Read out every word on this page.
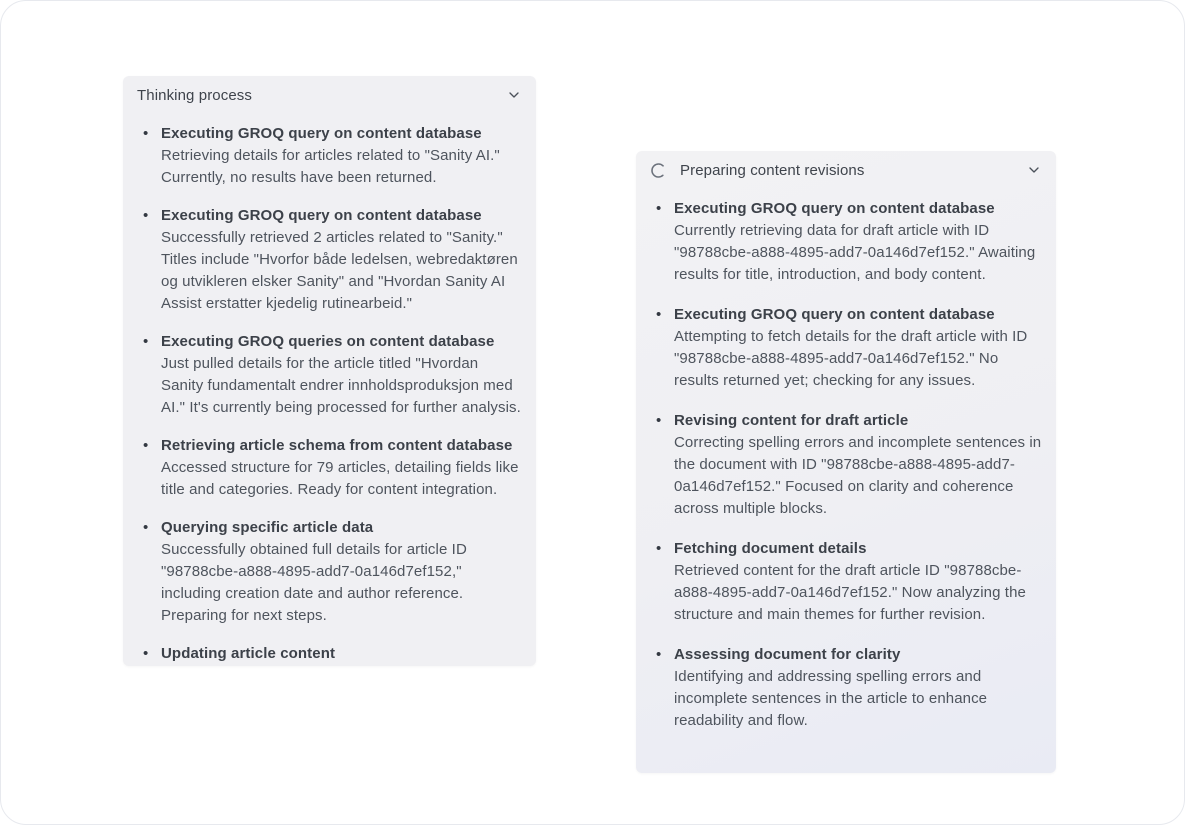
Thinking process
• Executing GROQ query on content database
Retrieving details for articles related to "Sanity AI." Currently, no results have been returned.
• Executing GROQ query on content database
Successfully retrieved 2 articles related to "Sanity." Titles include "Hvorfor både ledelsen, webredaktøren og utvikleren elsker Sanity" and "Hvordan Sanity AI Assist erstatter kjedelig rutinearbeid."
• Executing GROQ queries on content database
Just pulled details for the article titled "Hvordan Sanity fundamentalt endrer innholdsproduksjon med AI." It's currently being processed for further analysis.
• Retrieving article schema from content database
Accessed structure for 79 articles, detailing fields like title and categories. Ready for content integration.
• Querying specific article data
Successfully obtained full details for article ID "98788cbe-a888-4895-add7-0a146d7ef152," including creation date and author reference. Preparing for next steps.
• Updating article content
Preparing content revisions
• Executing GROQ query on content database
Currently retrieving data for draft article with ID "98788cbe-a888-4895-add7-0a146d7ef152." Awaiting results for title, introduction, and body content.
• Executing GROQ query on content database
Attempting to fetch details for the draft article with ID "98788cbe-a888-4895-add7-0a146d7ef152." No results returned yet; checking for any issues.
• Revising content for draft article
Correcting spelling errors and incomplete sentences in the document with ID "98788cbe-a888-4895-add7-0a146d7ef152." Focused on clarity and coherence across multiple blocks.
• Fetching document details
Retrieved content for the draft article ID "98788cbe-a888-4895-add7-0a146d7ef152." Now analyzing the structure and main themes for further revision.
• Assessing document for clarity
Identifying and addressing spelling errors and incomplete sentences in the article to enhance readability and flow.
